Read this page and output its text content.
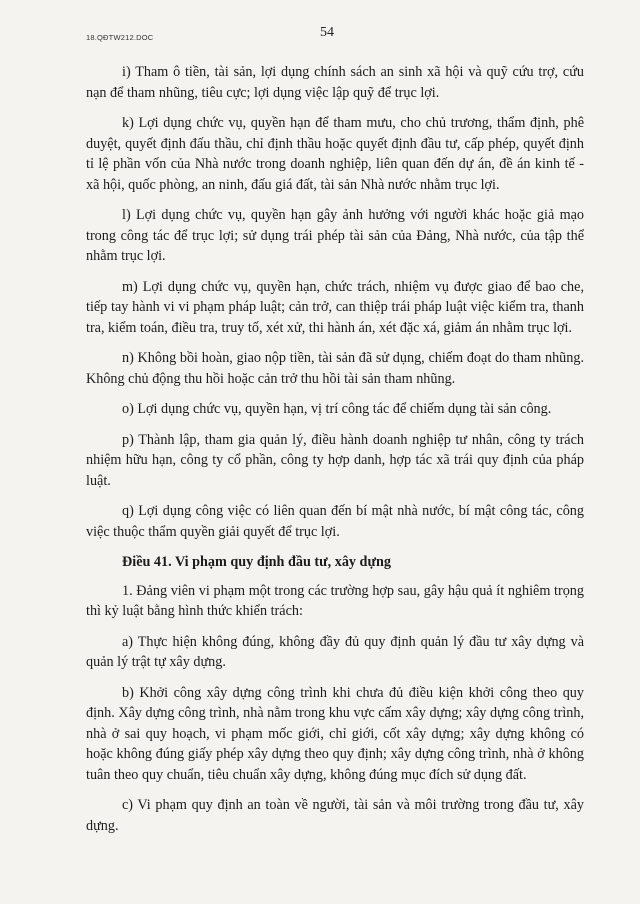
18.QĐTW212.DOC	54

i) Tham ô tiền, tài sản, lợi dụng chính sách an sinh xã hội và quỹ cứu trợ, cứu nạn để tham nhũng, tiêu cực; lợi dụng việc lập quỹ để trục lợi.

k) Lợi dụng chức vụ, quyền hạn để tham mưu, cho chủ trương, thẩm định, phê duyệt, quyết định đấu thầu, chỉ định thầu hoặc quyết định đầu tư, cấp phép, quyết định tỉ lệ phần vốn của Nhà nước trong doanh nghiệp, liên quan đến dự án, đề án kinh tế - xã hội, quốc phòng, an ninh, đấu giá đất, tài sản Nhà nước nhằm trục lợi.

l) Lợi dụng chức vụ, quyền hạn gây ảnh hưởng với người khác hoặc giả mạo trong công tác để trục lợi; sử dụng trái phép tài sản của Đảng, Nhà nước, của tập thể nhằm trục lợi.

m) Lợi dụng chức vụ, quyền hạn, chức trách, nhiệm vụ được giao để bao che, tiếp tay hành vi vi phạm pháp luật; cản trở, can thiệp trái pháp luật việc kiểm tra, thanh tra, kiểm toán, điều tra, truy tố, xét xử, thi hành án, xét đặc xá, giảm án nhằm trục lợi.

n) Không bồi hoàn, giao nộp tiền, tài sản đã sử dụng, chiếm đoạt do tham nhũng. Không chủ động thu hồi hoặc cản trở thu hồi tài sản tham nhũng.

o) Lợi dụng chức vụ, quyền hạn, vị trí công tác để chiếm dụng tài sản công.

p) Thành lập, tham gia quản lý, điều hành doanh nghiệp tư nhân, công ty trách nhiệm hữu hạn, công ty cổ phần, công ty hợp danh, hợp tác xã trái quy định của pháp luật.

q) Lợi dụng công việc có liên quan đến bí mật nhà nước, bí mật công tác, công việc thuộc thẩm quyền giải quyết để trục lợi.

Điều 41. Vi phạm quy định đầu tư, xây dựng

1. Đảng viên vi phạm một trong các trường hợp sau, gây hậu quả ít nghiêm trọng thì kỷ luật bằng hình thức khiển trách:

a) Thực hiện không đúng, không đầy đủ quy định quản lý đầu tư xây dựng và quản lý trật tự xây dựng.

b) Khởi công xây dựng công trình khi chưa đủ điều kiện khởi công theo quy định. Xây dựng công trình, nhà nằm trong khu vực cấm xây dựng; xây dựng công trình, nhà ở sai quy hoạch, vi phạm mốc giới, chỉ giới, cốt xây dựng; xây dựng không có hoặc không đúng giấy phép xây dựng theo quy định; xây dựng công trình, nhà ở không tuân theo quy chuẩn, tiêu chuẩn xây dựng, không đúng mục đích sử dụng đất.

c) Vi phạm quy định an toàn về người, tài sản và môi trường trong đầu tư, xây dựng.
